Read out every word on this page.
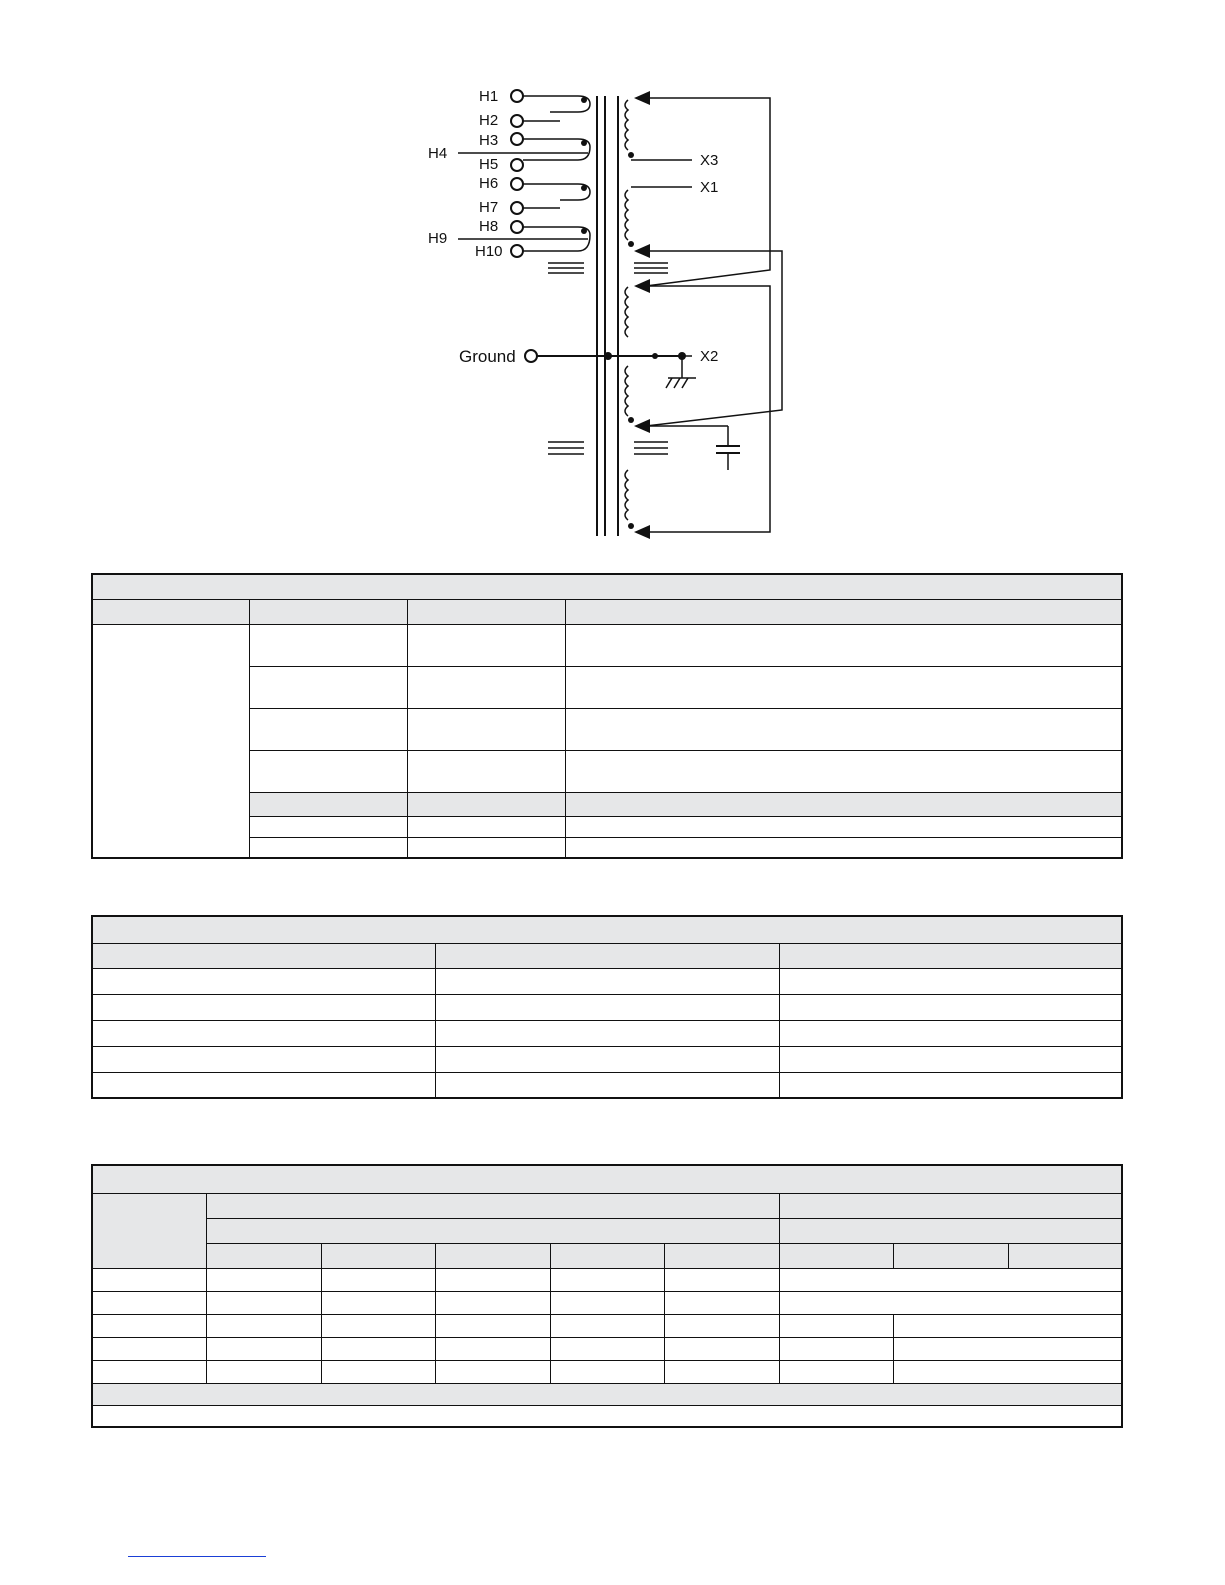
H1
H2
H3
H4
H5
H6
H7
H8
H9
H10
Ground
X3
X1
X2
